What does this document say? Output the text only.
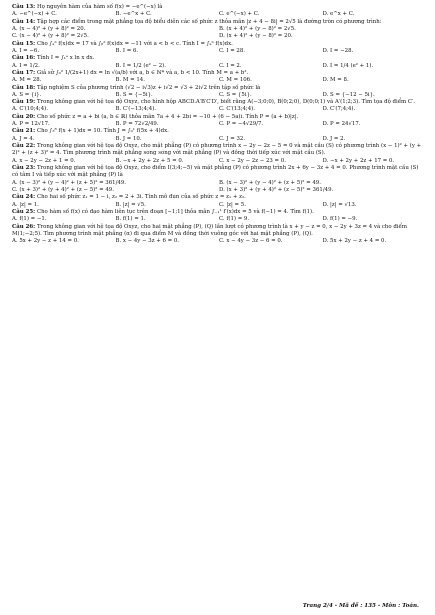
Câu 13: Họ nguyên hàm của hàm số f(x) = −e^(−x) là

A. −e^(−x) + C.	B. −e^x + C.	C. e^(−x) + C.	D. e^x + C.

Câu 14: Tập hợp các điểm trong mặt phẳng tọa độ biểu diễn các số phức z thỏa mãn |z + 4 − 8i| = 2√5 là đường tròn có phương trình:

A. (x − 4)² + (y + 8)² = 20.	B. (x + 4)² + (y − 8)² = 2√5.
C. (x − 4)² + (y + 8)² = 2√5.	D. (x + 4)² + (y − 8)² = 20.

Câu 15: Cho ∫ₐᵈ f(x)dx = 17 và ∫ᵦᵈ f(x)dx = −11 với a < b < c. Tính I = ∫ₐᵇ f(x)dx.

A. I = −6.	B. I = 6.	C. I = 28.	D. I = −28.

Câu 16: Tính I = ∫₁ᵉ x ln x dx.

A. I = 1/2.	B. I = 1/2 (e² − 2).	C. I = 2.	D. I = 1/4 (e² + 1).

Câu 17: Giả sử ∫₀² 1/(2x+1) dx = ln √(a/b) với a, b ∈ ℕ* và a, b < 10. Tính M = a + b².

A. M = 28.	B. M = 14.	C. M = 106.	D. M = 8.

Câu 18: Tập nghiệm S của phương trình (√2 − i√3)z + i√2 = √3 + 2i√2 trên tập số phức là

A. S = {i}.	B. S = {−5i}.	C. S = {5i}.	D. S = {−12 − 5i}.

Câu 19: Trong không gian với hệ tọa độ Oxyz, cho hình hộp ABCD.A′B′C′D′, biết rằng A(−3;0;0), B(0;2;0), D(0;0;1) và A′(1;2;3). Tìm tọa độ điểm C′.

A. C′(10;4;4).	B. C′(−13;4;4).	C. C′(13;4;4).	D. C′(7;4;4).

Câu 20: Cho số phức z = a + bi (a, b ∈ ℝ) thỏa mãn 7a + 4 + 2bi = −10 + (6 − 5a)i. Tính P = (a + b)|z|.

A. P = 12√17.	B. P = 72√2/49.	C. P = −4√29/7.	D. P = 24√17.

Câu 21: Cho ∫₃⁸ f(x + 1)dx = 10. Tính J = ∫₀¹ f(5x + 4)dx.

A. J = 4.	B. J = 10.	C. J = 32.	D. J = 2.

Câu 22: Trong không gian với hệ tọa độ Oxyz, cho mặt phẳng (P) có phương trình x − 2y − 2z − 5 = 0 và mặt cầu (S) có phương trình (x − 1)² + (y + 2)² + (z + 3)² = 4. Tìm phương trình mặt phẳng song song với mặt phẳng (P) và đồng thời tiếp xúc với mặt cầu (S).

A. x − 2y − 2z + 1 = 0.	B. −x + 2y + 2z + 5 = 0.	C. x − 2y − 2z − 23 = 0.	D. −x + 2y + 2z + 17 = 0.

Câu 23: Trong không gian với hệ tọa độ Oxyz, cho điểm I(3;4;−5) và mặt phẳng (P) có phương trình 2x + 6y − 3z + 4 = 0. Phương trình mặt cầu (S) có tâm I và tiếp xúc với mặt phẳng (P) là

A. (x − 3)² + (y − 4)² + (z + 5)² = 361/49.	B. (x − 3)² + (y − 4)² + (z + 5)² = 49.
C. (x + 3)² + (y + 4)² + (z − 5)² = 49.	D. (x + 3)² + (y + 4)² + (z − 5)² = 361/49.

Câu 24: Cho hai số phức z₁ = 1 − i, z₂ = 2 + 3i. Tính mô đun của số phức z = z₁ + z₂.

A. |z| = 1.	B. |z| = √5.	C. |z| = 5.	D. |z| = √13.

Câu 25: Cho hàm số f(x) có đạo hàm liên tục trên đoạn [−1;1] thỏa mãn ∫₋₁¹ f′(x)dx = 5 và f(−1) = 4. Tìm f(1).

A. f(1) = −1.	B. f(1) = 1.	C. f(1) = 9.	D. f(1) = −9.

Câu 26: Trong không gian với hệ tọa độ Oxyz, cho hai mặt phẳng (P), (Q) lần lượt có phương trình là x + y − z = 0, x − 2y + 3z = 4 và cho điểm M(1;−2;5). Tìm phương trình mặt phẳng (α) đi qua điểm M và đồng thời vuông góc với hai mặt phẳng (P), (Q).

A. 5x + 2y − z + 14 = 0.	B. x − 4y − 3z + 6 = 0.	C. x − 4y − 3z − 6 = 0.	D. 5x + 2y − z + 4 = 0.
Trang 2/4 - Mã đề : 135 - Môn : Toán.
